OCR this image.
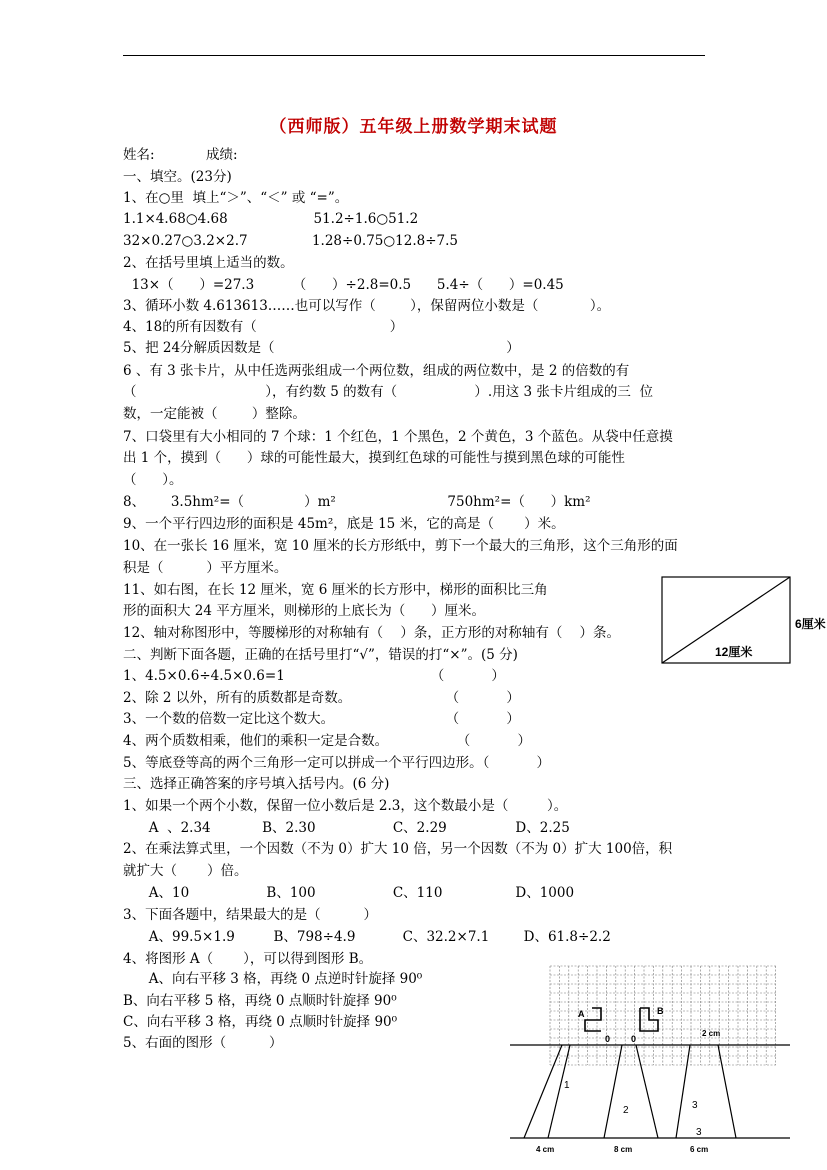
（西师版）五年级上册数学期末试题
姓名:            成绩:
一、填空。(23分)
1、在○里  填上“＞”、“＜” 或 “=”。
1.1×4.68○4.68                    51.2÷1.6○51.2
32×0.27○3.2×2.7               1.28÷0.75○12.8÷7.5
2、在括号里填上适当的数。
13×（      ）=27.3         （      ）÷2.8=0.5      5.4÷（      ）=0.45
3、循环小数 4.613613……也可以写作（        ），保留两位小数是（            ）。
4、18的所有因数有（                               ）
5、把 24分解质因数是（                                                      ）
6 、有 3 张卡片，从中任选两张组成一个两位数，组成的两位数中，是 2 的倍数的有
（                              ），有约数 5 的数有（                  ）.用这 3 张卡片组成的三  位
数，一定能被（        ）整除。
7、口袋里有大小相同的 7 个球：1 个红色，1 个黑色，2 个黄色，3 个蓝色。从袋中任意摸
出 1 个，摸到（      ）球的可能性最大，摸到红色球的可能性与摸到黑色球的可能性
（      ）。
8、      3.5hm²=（              ）m²                          750hm²=（      ）km²
9、一个平行四边形的面积是 45m²，底是 15 米，它的高是（       ）米。
10、在一张长 16 厘米，宽 10 厘米的长方形纸中，剪下一个最大的三角形，这个三角形的面
积是（          ）平方厘米。
11、如右图，在长 12 厘米，宽 6 厘米的长方形中，梯形的面积比三角
形的面积大 24 平方厘米，则梯形的上底长为（      ）厘米。
12、轴对称图形中，等腰梯形的对称轴有（    ）条，正方形的对称轴有（    ）条。
二、判断下面各题，正确的在括号里打“√”，错误的打“×”。(5 分)
1、4.5×0.6÷4.5×0.6=1                                  （           ）
2、除 2 以外，所有的质数都是奇数。                      （           ）
3、一个数的倍数一定比这个数大。                          （           ）
4、两个质数相乘，他们的乘积一定是合数。                （           ）
5、等底登等高的两个三角形一定可以拼成一个平行四边形。（           ）
三、选择正确答案的序号填入括号内。(6 分)
1、如果一个两个小数，保留一位小数后是 2.3，这个数最小是（         ）。
A  、2.34            B、2.30                  C、2.29                D、2.25
2、在乘法算式里，一个因数（不为 0）扩大 10 倍，另一个因数（不为 0）扩大 100倍，积
就扩大（       ）倍。
A、10                  B、100                  C、110                 D、1000
3、下面各题中，结果最大的是（          ）
A、99.5×1.9         B、798÷4.9           C、32.2×7.1        D、61.8÷2.2
4、将图形 A（       ），可以得到图形 B。
A、向右平移 3 格，再绕 0 点逆时针旋择 90⁰
B、向右平移 5 格，再绕 0 点顺时针旋择 90⁰
C、向右平移 3 格，再绕 0 点顺时针旋择 90⁰
5、右面的图形（          ）
6厘米
12厘米
A
0 0
B
2 cm
1
2	3
3
4 cm	8 cm	6 cm
